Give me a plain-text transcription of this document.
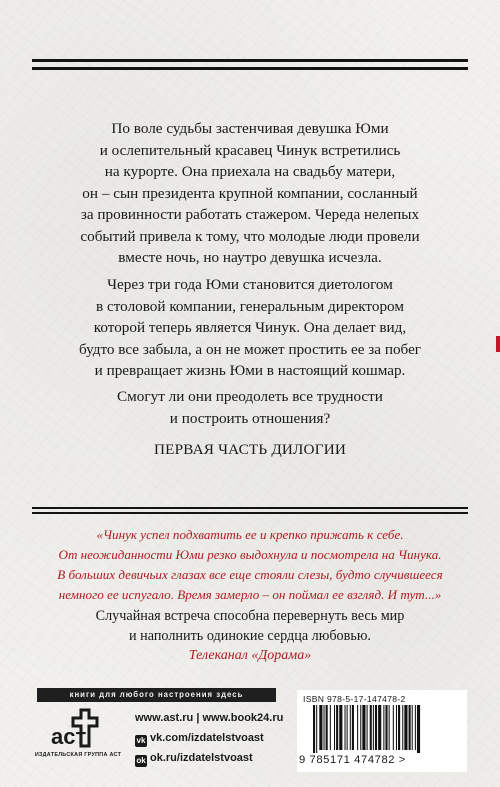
По воле судьбы застенчивая девушка Юми
и ослепительный красавец Чинук встретились
на курорте. Она приехала на свадьбу матери,
он – сын президента крупной компании, сосланный
за провинности работать стажером. Череда нелепых
событий привела к тому, что молодые люди провели
вместе ночь, но наутро девушка исчезла.
Через три года Юми становится диетологом
в столовой компании, генеральным директором
которой теперь является Чинук. Она делает вид,
будто все забыла, а он не может простить ее за побег
и превращает жизнь Юми в настоящий кошмар.
Смогут ли они преодолеть все трудности
и построить отношения?
ПЕРВАЯ ЧАСТЬ ДИЛОГИИ
«Чинук успел подхватить ее и крепко прижать к себе.
От неожиданности Юми резко выдохнула и посмотрела на Чинука.
В больших девичьих глазах все еще стояли слезы, будто случившееся
немного ее испугало. Время замерло – он поймал ее взгляд. И тут...»
Случайная встреча способна перевернуть весь мир
и наполнить одинокие сердца любовью.
Телеканал «Дорама»
книги для любого настроения здесь
аст
ИЗДАТЕЛЬСКАЯ ГРУППА АСТ
www.ast.ru | www.book24.ru
vk vk.com/izdatelstvoast
ok ok.ru/izdatelstvoast
ISBN 978-5-17-147478-2
9 785171 474782 >
